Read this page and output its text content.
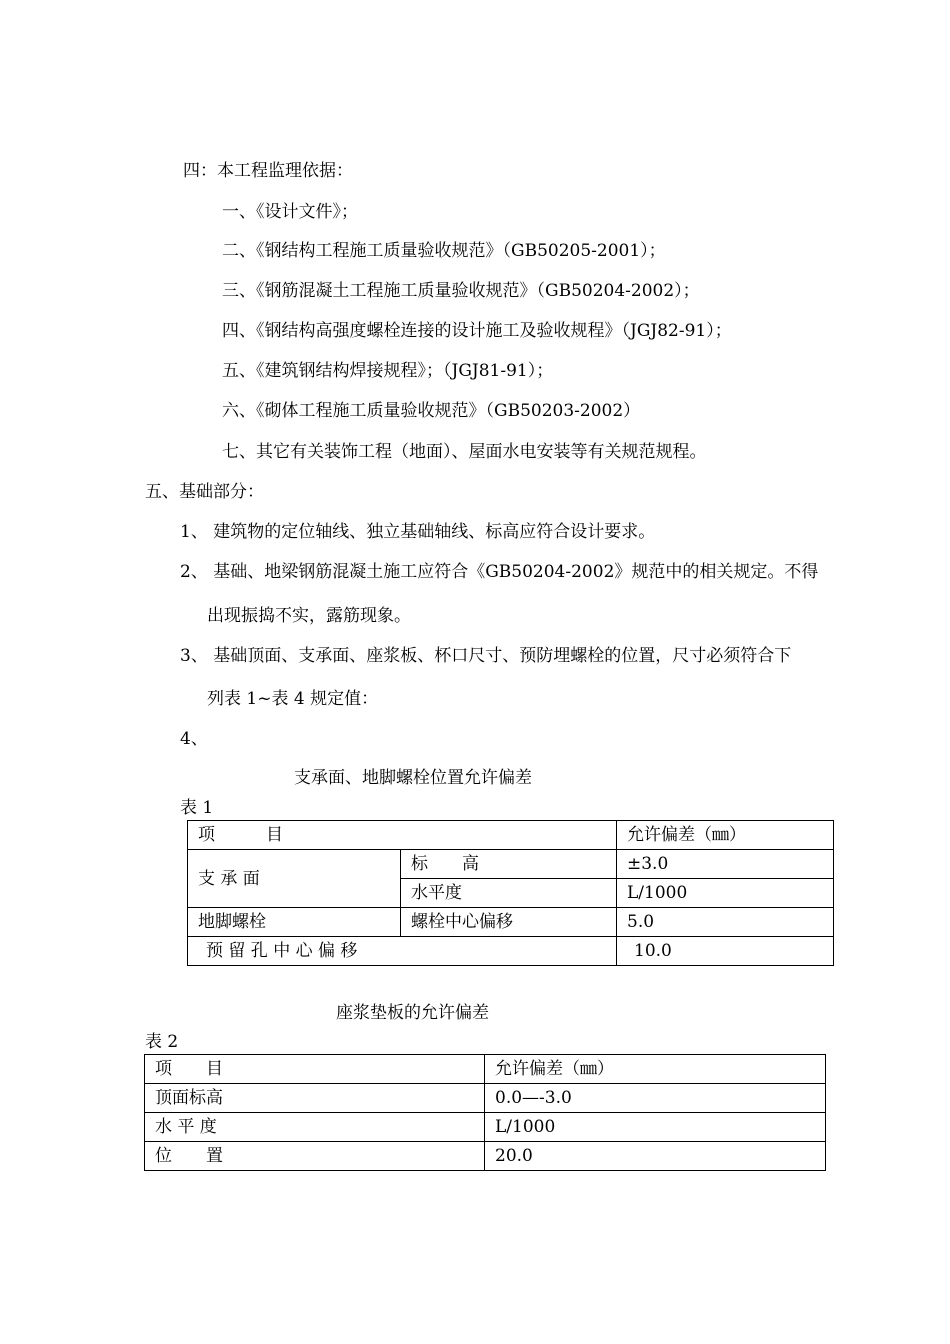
四：本工程监理依据：
一、《设计文件》；
二、《钢结构工程施工质量验收规范》（GB50205-2001）；
三、《钢筋混凝土工程施工质量验收规范》（GB50204-2002）；
四、《钢结构高强度螺栓连接的设计施工及验收规程》（JGJ82-91）；
五、《建筑钢结构焊接规程》；（JGJ81-91）；
六、《砌体工程施工质量验收规范》（GB50203-2002）
七、其它有关装饰工程（地面）、屋面水电安装等有关规范规程。
五、基础部分：
1、 建筑物的定位轴线、独立基础轴线、标高应符合设计要求。
2、 基础、地梁钢筋混凝土施工应符合《GB50204-2002》规范中的相关规定。不得
出现振捣不实，露筋现象。
3、 基础顶面、支承面、座浆板、杯口尺寸、预防埋螺栓的位置，尺寸必须符合下
列表 1~表 4 规定值：
4、
支承面、地脚螺栓位置允许偏差
表 1
项　　　目		允许偏差（㎜）
支 承 面	标　　高	±3.0
	水平度	L/1000
地脚螺栓	螺栓中心偏移	5.0
预 留 孔 中 心 偏 移		10.0
座浆垫板的允许偏差
表 2
项　　目	允许偏差（㎜）
顶面标高	0.0—-3.0
水 平 度	L/1000
位　　置	20.0
